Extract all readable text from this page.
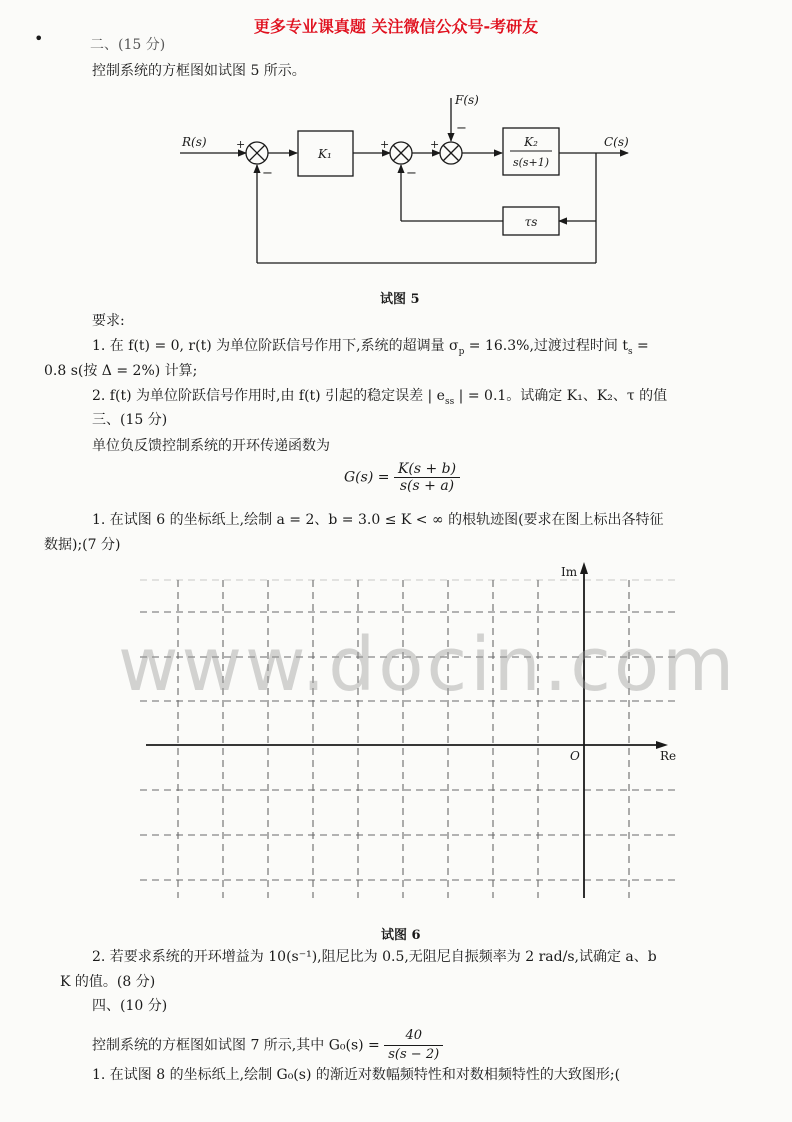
更多专业课真题 关注微信公众号-考研友
二、(15 分)
•
控制系统的方框图如试图 5 所示。
R(s)
F(s)
C(s)
K₁
K₂
s(s+1)
τs
+
−
+
−
+
−
试图 5
要求:
1. 在 f(t) = 0, r(t) 为单位阶跃信号作用下,系统的超调量 $\sigma_p = 16.3\%$,过渡过程时间 $t_s$ =
0.8 s(按 Δ = 2%) 计算;
2. f(t) 为单位阶跃信号作用时,由 f(t) 引起的稳定误差 | $e_{ss}$ | = 0.1。试确定 K₁、K₂、τ 的值
三、(15 分)
单位负反馈控制系统的开环传递函数为
$G(s) = \frac{K(s + b)}{s(s + a)}$
1. 在试图 6 的坐标纸上,绘制 a = 2、b = 3.0 ≤ K < ∞ 的根轨迹图(要求在图上标出各特征
数据);(7 分)
Im
Re
O
www.docin.com
试图 6
2. 若要求系统的开环增益为 10(s⁻¹),阻尼比为 0.5,无阻尼自振频率为 2 rad/s,试确定 a、b
K 的值。(8 分)
四、(10 分)
控制系统的方框图如试图 7 所示,其中 $G_0(s) = \frac{40}{s(s - 2)}$
1. 在试图 8 的坐标纸上,绘制 G₀(s) 的渐近对数幅频特性和对数相频特性的大致图形;(
